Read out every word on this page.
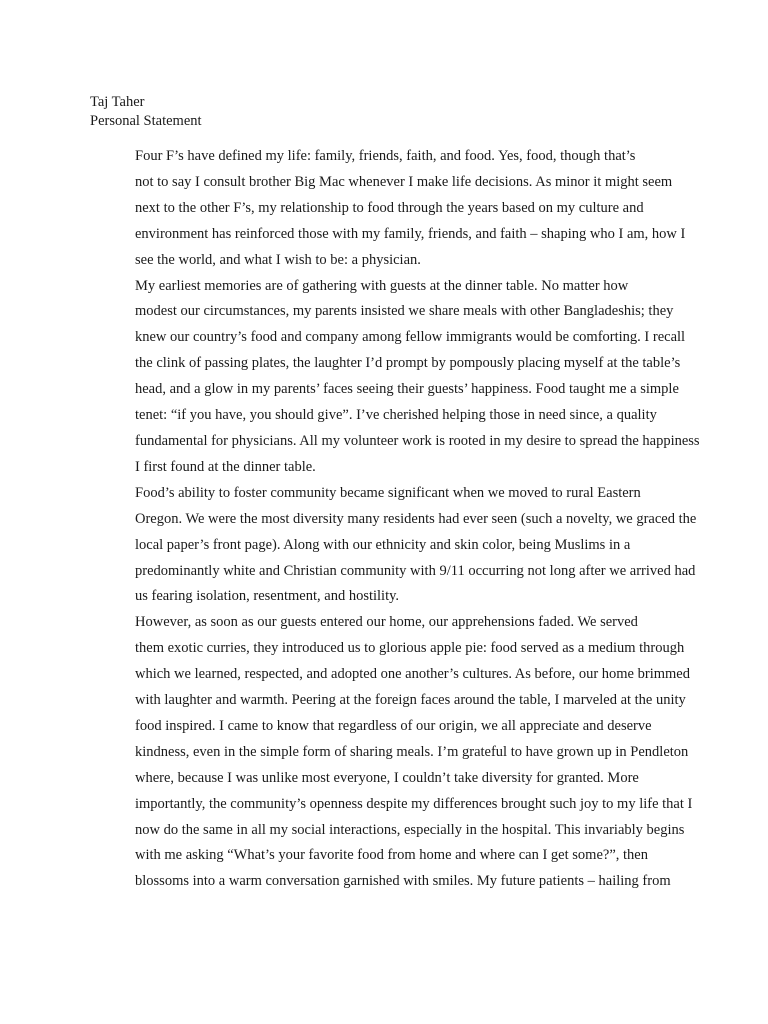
Taj Taher
Personal Statement

Four F’s have defined my life: family, friends, faith, and food. Yes, food, though that’s
not to say I consult brother Big Mac whenever I make life decisions. As minor it might seem
next to the other F’s, my relationship to food through the years based on my culture and
environment has reinforced those with my family, friends, and faith – shaping who I am, how I
see the world, and what I wish to be: a physician.

My earliest memories are of gathering with guests at the dinner table. No matter how
modest our circumstances, my parents insisted we share meals with other Bangladeshis; they
knew our country’s food and company among fellow immigrants would be comforting. I recall
the clink of passing plates, the laughter I’d prompt by pompously placing myself at the table’s
head, and a glow in my parents’ faces seeing their guests’ happiness. Food taught me a simple
tenet: “if you have, you should give”. I’ve cherished helping those in need since, a quality
fundamental for physicians. All my volunteer work is rooted in my desire to spread the happiness
I first found at the dinner table.

Food’s ability to foster community became significant when we moved to rural Eastern
Oregon. We were the most diversity many residents had ever seen (such a novelty, we graced the
local paper’s front page). Along with our ethnicity and skin color, being Muslims in a
predominantly white and Christian community with 9/11 occurring not long after we arrived had
us fearing isolation, resentment, and hostility.

However, as soon as our guests entered our home, our apprehensions faded. We served
them exotic curries, they introduced us to glorious apple pie: food served as a medium through
which we learned, respected, and adopted one another’s cultures. As before, our home brimmed
with laughter and warmth. Peering at the foreign faces around the table, I marveled at the unity
food inspired. I came to know that regardless of our origin, we all appreciate and deserve
kindness, even in the simple form of sharing meals. I’m grateful to have grown up in Pendleton
where, because I was unlike most everyone, I couldn’t take diversity for granted. More
importantly, the community’s openness despite my differences brought such joy to my life that I
now do the same in all my social interactions, especially in the hospital. This invariably begins
with me asking “What’s your favorite food from home and where can I get some?”, then
blossoms into a warm conversation garnished with smiles. My future patients – hailing from
